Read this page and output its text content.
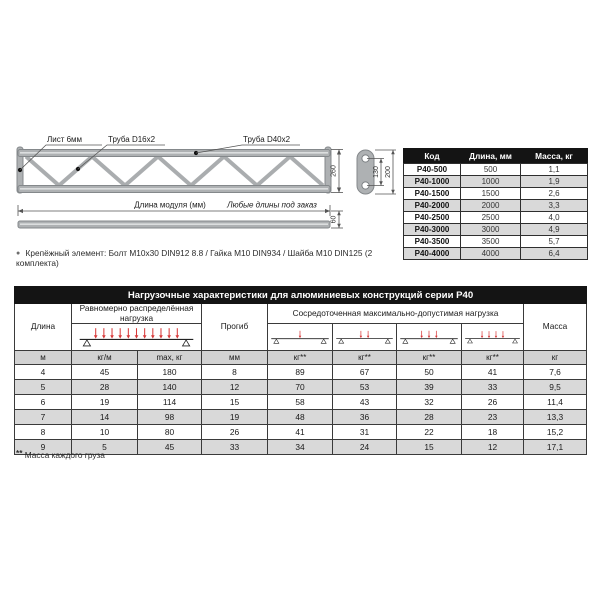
Лист 6мм	Труба D16x2	Труба D40x2
260	130 200
Длина модуля (мм)	Любые длины под заказ
60
● Крепёжный элемент: Болт M10x30 DIN912 8.8 / Гайка M10 DIN934 / Шайба M10 DIN125 (2 комплекта)
Код	Длина, мм	Масса, кг
P40-500	500	1,1
P40-1000	1000	1,9
P40-1500	1500	2,6
P40-2000	2000	3,3
P40-2500	2500	4,0
P40-3000	3000	4,9
P40-3500	3500	5,7
P40-4000	4000	6,4
Нагрузочные характеристики для алюминиевых конструкций серии P40								
Длина	Равномерно распределённая нагрузка		Прогиб	Сосредоточенная максимально-допустимая нагрузка				Масса

м	кг/м	max, кг	мм	кг**	кг**	кг**	кг**	кг
4	45	180	8	89	67	50	41	7,6
5	28	140	12	70	53	39	33	9,5
6	19	114	15	58	43	32	26	11,4
7	14	98	19	48	36	28	23	13,3
8	10	80	26	41	31	22	18	15,2
9	5	45	33	34	24	15	12	17,1
** Масса каждого груза
